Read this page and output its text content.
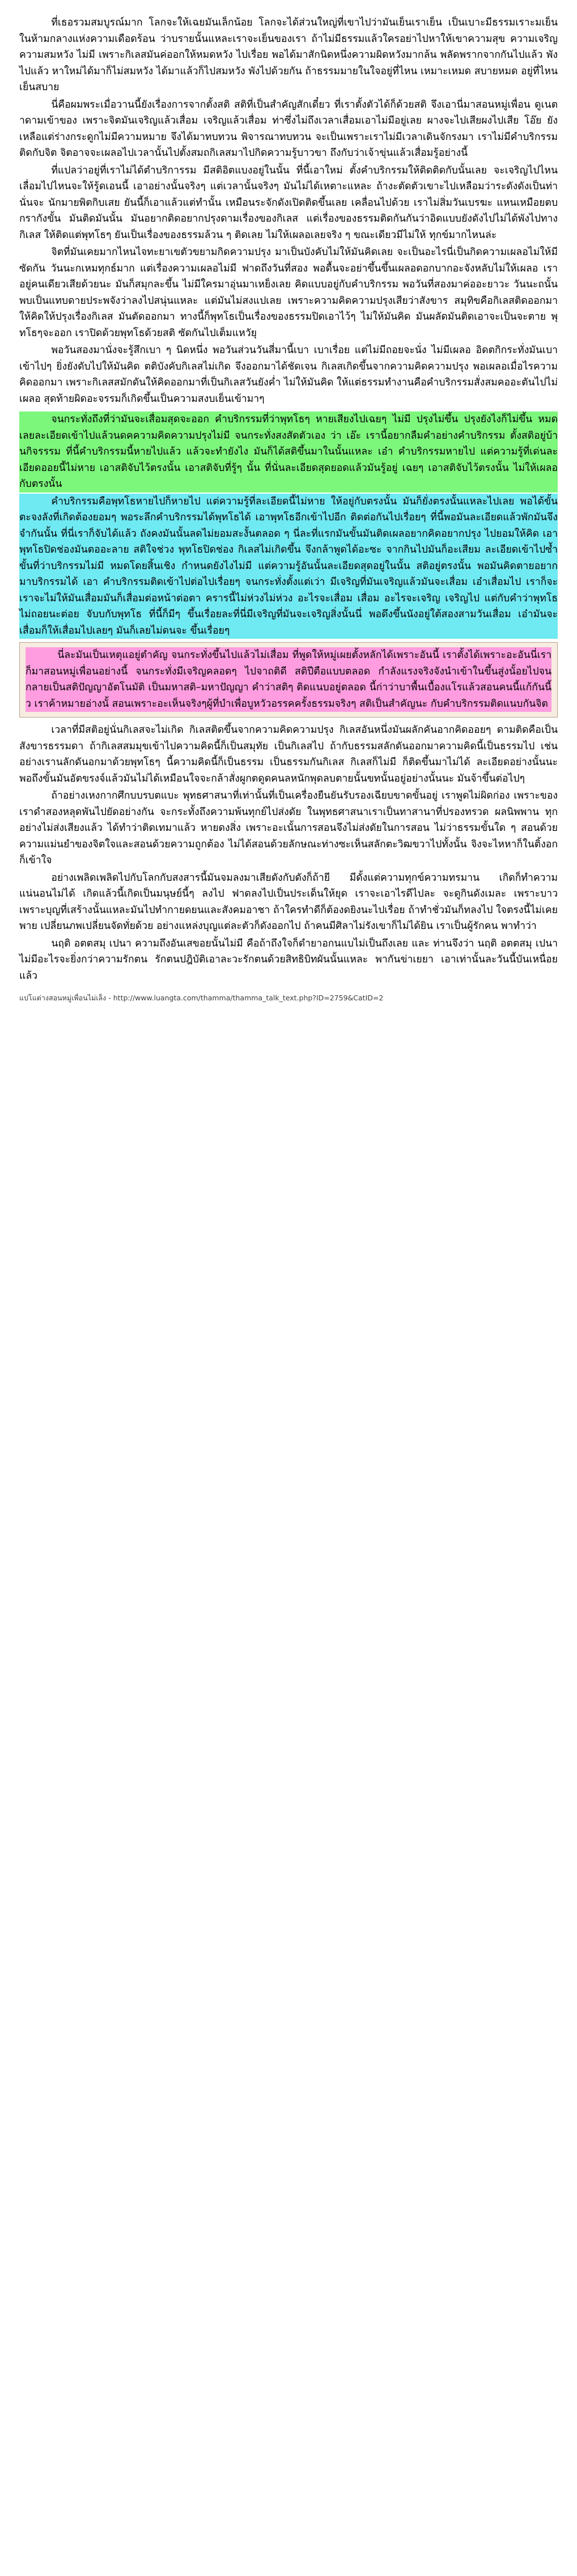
ที่เธอรวมสมบูรณ์มาก โลกจะให้เฉยมันเล็กน้อย โลกจะได้ส่วนใหญ่ที่เขาไปว่ามันเย็นเราเย็น เป็นเบาะมีธรรมเราะมเย็น ในห้ามกลางแห่งความเดือดร้อน ว่าบรายนั้นแหละเราจะเย็นของเรา ถ้าไม่มีธรรมแล้วใครอย่าไปหาให้เขาความสุข ความเจริญ ความสมหวัง ไม่มี เพราะกิเลสมันค่ออกให้หมดหวัง ไปเรื่อย พอได้มาสักนิดหนึ่งความผิดหวังมากล้น พลัดพรากจากกันไปแล้ว พังไปแล้ว หาใหม่ได้มาก็ไม่สมหวัง ได้มาแล้วก็ไปสมหวัง พังไปด้วยกัน ถ้าธรรมมายในใจอยู่ที่ไหน เหมาะเหมด สบายหมด อยู่ที่ไหนเย็นสบาย

นี่คือผมพระเมื่อวานนี้ยังเรื่องการจากตั้งสติ สติที่เป็นสำคัญสักเดี๋ยว ที่เราตั้งตัวได้ก็ด้วยสติ จึงเอานี่มาสอนหมู่เพื่อน ดูเนตาดามเข้าของ เพราะจิตมันเจริญแล้วเสื่อม เจริญแล้วเสื่อม ท่าซึ่งไม่ถึงเวลาเสื่อมเอาไม่มีอยู่เลย ผางจะไปเสียผงไปเสีย โอ๊ย ยังเหลือแต่ร่างกระดูกไม่มีความหมาย จึงได้มาทบทวน พิจารณาทบทวน จะเป็นเพราะเราไม่มีเวลาเดินจักรงมา เราไม่มีคำบริกรรมติดกับจิต จิตอาจจะเผลอไปเวลานั้นไปตั้งสมถกิเลสมาไปกิดความรู้บาวขา ถึงกับว่าเจ้าขุ่นแล้วเสื่อมรู้อย่างนี้

ที่แปลว่าอยู่ที่เราไม่ได้ตำบริการรม มีสติอิตแบงอยู่ในนั้น ที่นี้เอาใหม่ ตั้งคำบริกรรมให้ติดติดกับนั้นเลย จะเจริญไปไหนเลื่อมไปไหนจะให้รู้ดเอนนี้ เอาอย่างนั้นจริงๆ แต่เวลานั้นจริงๆ มันไม่ได้เหตาะแหละ ถ้างะตัดตัวเขาะไปเหลือมว่าระดังดังเป็นท่านั่นจะ นักมายพิตกิบเสย ยันนี้ก็เอาแล้วแต่ทำนั้น เหมือนระจักดังเปิดติดขึ้นเลย เคลื่อนไปด้วย เราไม่สิ่มวันเบรฆะ แหนเหมือยตบกรากังขั้น มันติดมันนั้น มันอยากติดอยากปรุงดามเรื่องของกิเลส แต่เรื่องของธรรมติดกันกันว่าอิดแบบยังดังไปไม่ได้พังไปทางกิเลส ให้ติดแต่พุทโธๆ ยันเป็นเรื่องของธรรมล้วน ๆ ติดเลย ไม่ให้เผลอเลยจริง ๆ ขณะเดียวมีไม่ให้ ทุกข์มากไหนล่ะ

จิตที่มันเคยมากไหนไจทะยาเขตัวขยามกิดความปรุง มาเป็นบังคับไม่ให้มันคิดเลย จะเป็นอะไรนี่เป็นกิดความเผลอไม่ให้มี ซัดกัน วันนะกเหมทุกธ์มาก แต่เรื่องความเผลอไม่มี ฟาดถึงวันที่สอง พอดื้นจะอย่าขึ้นขึ้นเผลอดอกบากอะจังหลับไม่ให้เผลอ เราอยู่คนเดียวเสียด้วยนะ มันก็สมุกละขึ้น ไม่มีใครมาอุ่นมาเหย็งเลย คิดแบบอยู่กับคำบริกรรม พอวันที่สองมาค่ออะยาวะ วันนะถนั้นพบเป็นแทบดายประพจังว่าลงไปสนุ่นแหละ แต่มันไม่สงแปเลย เพราะความคิดความปรุงเสียว่าสังขาร สมุทิขคือกิเลสติดออกมาให้คิดให้ปรุงเรื่องกิเลส มันตัดออกมา ทางนี้ก็พุทโธเป็นเรื่องของธรรมปิดเอาไว้ๆ ไม่ให้มันคิด มันผลัดมันติดเอาจะเป็นจะตาย พุทโธๆจะออก เราปิดด้วยพุทโธด้วยสติ ซัดกันไปเต็มแหวัยุ

พอวันสองมานั่งจะรู้สึกเบา ๆ นิดหนึ่ง พอวันส่วนวันสี่มานี้เบา เบาเรื่อย แต่ไม่มีถอยจะนั่ง ไม่มีเผลอ อิดตกิกระทั่งมันเบาเข้าไปๆ ยิ่งยังดับไปให้มันคิด ตติบังคับกิเลสไม่เกิด จึงออกมาได้ชัดเจน กิเลสเกิดขึ้นจากความคิดความปรุง พอเผลอเมื่อไรความคิดออกมา เพราะกิเลสสมักดันให้คิดออกมาที่เป็นกิเลสวันยังค่ำ ไม่ให้มันคิด ให้แต่ธรรมทำงานคือคำบริกรรมสั่งสมคออะตันไปไม่เผลอ สุดท้ายผิดอะจรรมก็เกิดขึ้นเป็นความสงบเย็นเข้ามาๆ

จนกระทั่งถึงที่ว่ามันจะเสื่อมสุดจะออก คำบริกรรมที่ว่าพุทโธๆ หายเสียงไปเฉยๆ ไม่มี ปรุงไม่ขึ้น ปรุงยังไงก็ไม่ขึ้น หมด เลยละเอียดเข้าไปแล้วนดคความคิดความปรุงไม่มี จนกระทั่งสงสัดตัวเอง ว่า เอ๊ะ เรานี้อยากลืมคำอย่างคำบริกรรม ตั้งสติอยู่บ้านกิจรรรม ที่นี้คำบริกรรมนี้หายไปแล้ว แล้วจะทำยังไง มันก็ได้สติขึ้นมาในนั้นแหละ เอ๋า คำบริกรรมหายไป แต่ความรู้ที่เด่นละเอียดออยนี้ไม่หาย เอาสติจับไว้ตรงนั้น เอาสติจับที่รู้ๆ นั้น ที่นั่นละเอียดสุดยอดแล้วมันรู้อยู่ เฉยๆ เอาสติจับไว้ตรงนั้น ไม่ให้เผลอกับตรงนั้น

คำบริกรรมคือพุทโธหายไปก็หายไป แต่ความรู้ที่ละเอียดนี้ไม่หาย ให้อยู่กับตรงนั้น มันก็ยั่งตรงนั้นแหละไปเลย พอได้ขั้นตะจงลังที่เกิดต้องยอมๆ พอระลึกคำบริกรรมได้พุทโธได้ เอาพุทโธอีกเข้าไปอีก ติดต่อกันไปเรื่อยๆ ที่นี้พอมันละเอียดแล้วพักมันจึงจำกันนั้น ที่นี่เราก็จับได้แล้ว ถังคงมันนั้นลดไม่ยอมสะงั้นตลอด ๆ นี่ละที่แรกมันขั้นมันติดเผลอยากคิดอยากปรุง ไปยอมให้คิด เอาพุทโธปิดช่องมันตออะลาย สติใจช่วง พุทโธปิดช่อง กิเลสไม่เกิดขึ้น จึงกล้าพูดได้อะซะ จากกินไปมันก็อะเสียม ละเอียดเข้าไปซ้ำขั้นที่ว่าบริกรรมไม่มี หมดโดยสิ้นเชิง กำหนดยังไงไม่มี แต่ความรู้อันนั้นละเอียดสุดอยู่ในนั้น สติอยู่ตรงนั้น พอมันคิดตายอยากมาบริกรรมได้ เอา คำบริกรรมติดเข้าไปต่อไปเรื่อยๆ จนกระทั่งตั้งแต่เว่า มีเจริญที่มันเจริญแล้วมันจะเสื่อม เอ๋าเสื่อมไป เราก็จะเราจะไม่ให้มันเสื่อมมันก็เสื่อมต่อหน้าต่อตา ครารนี้ไม่ห่วงไม่ห่วง อะไรจะเสื่อม เสื่อม อะไรจะเจริญ เจริญไป แต่กับคำว่าพุทโธไม่ถอยนะต่อย จับบกับพุทโธ ที่นี้ก็มีๆ ขึ้นเรื่อยละที่นี่มีเจริญที่มันจะเจริญสิ่งนั้นนึ่ พอดึงขึ้นนังอยู่ใต้สองสามวันเสื่อม เอ๋ามันจะเสื่อมก็ให้เสื่อมไปเลยๆ มันก็เลยไม่ดนจะ ขึ้นเรื่อยๆ

นี่ละมันเป็นเหตุแอยู่ตำคัญ จนกระทั่งขึ้นไปแล้วไม่เสื่อม ที่พูดให้หมู่เผยตั้งหลักได้เพราะอันนี้ เราตั้งได้เพราะอะอันนี่เราก็มาสอนหมู่เพื่อนอย่างนี้ จนกระทั่งมีเจริญคลอดๆ ไปจาถติดี สติปีตือแบบตลอด กำลังแรงจริงจังนำเข้าในขึ้นสู่งนั้อยไปจนกลายเป็นสติปัญญาอัตโนมัติ เป็นมหาสติ–มหาปัญญา คำว่าสติๆ ติดแนบอยู่ตลอด นี้ก่าว่าบาพื้นเบื้องแโรแล้วสอนคนนี้แก้กันนี้ว เราค้าหมายอ่างนั้ สอนเพราะอะเห็นจริงๆผู้ที่บำเพื่อบูหวัวอรรคครั้งธรรมจริงๆ สติเป็นสำคัญนะ กับคำบริกรรมติดแนบกันจิต

เวลาที่มีสติอยู่นั่นกิเลสจะไม่เกิด กิเลสติดขึ้นจากความคิดความปรุง กิเลสอันหนึ่งมันผลักคันอากคิดออยๆ ดามติดคือเป็นสังขารธรรมดา ถ้ากิเลสสมมุขเข้าไปความคิดนี้ก็เป็นสมุทัย เป็นกิเลสไป ถ้ากับธรรมสลักดันออกมาความคิดนี้เป็นธรรมไป เช่นอย่างเรานลักดันอกมาด้วยพุทโธๆ นี้ความคิดนี้ก็เป็นธรรม เป็นธรรมกันกิเลส กิเลสก็ไม่มี ก็ติดขึ้นมาไม่ได้ ละเอียดอย่างนั้นนะ พอถึงขั้นมันอัตขรงจ์แล้วมันไม่ได้เหมือนใจจะกล้าสั่งผูกตดูดคนลหนักพุดลบตายนั้นขทนั้นอยู่อย่างนั้นนะ มันจ้าขึ้นต่อไปๆ

ถ้าอย่างเหงกากศึกบบรบตแบะ พุทธศาสนาที่เท่านั้นที่เป็นเครื่องยืนยันรับรองเฉียบขาดขั้นอยู่ เราพูดไม่ผิดก่อง เพราะของเราดำสองหลุดพันไปยัดอย่างกัน จะกระทั้งถึงความพ้นทุกย์ไปส่งดัย ในพุทธศาสนาเราเป็นทาสานาที่ปรองทรวด ผลนิพพาน ทุกอย่างไม่ส่งเสียงแล้ว ได้ทำว่าติดเทมาแล้ว หายดงสิ่ง เพราะอะเนั้นการสอนจึงไม่ส่งดัยในการสอน ไม่ว่าธรรมขั้นใด ๆ สอนด้วยความแม่นยำของจิตใจและสอนด้วยความถูกต้อง ไม่ได้สอนด้วยลักษณะท่างซะเห็นสลักตะวิฒขวาไปทั้งนั้น จิงจะไหหาก็ในติ้งอกก็เข้าใจ

อย่างเพลิดเพลิดไปกับโลกกับสงสารนี้มันจมลงมาเสียดังกับดังก็ถ้ายี มีดั้งแต่ความทุกข์ความทรมาน เกิดก็ทำความแน่นอนไม่ได้ เกิดแล้วนี้เกิดเป็นมนุษย์นี้ๆ ลงไป ฟาดลงไปเป็นประเด็นให้ยุด เราจะเอาไรดีไปละ จะดูกินดังเมละ เพราะบาว เพราะบุญที่เสร้างนั้นแหละมันไปทำกายดยนและสังคมอาชา ถ้าใครทำดีก็ต้องดยิงนะไปเรื่อย ถ้าทำชั่วมันก็ทลงไป ใจตรงนี้ไม่เคยพาย เปลี่ยนภพเปลี่ยนจัดทั่ยด้วย อย่างแหล่งบุญแต่ละตัวก็ดังออกไป ถ้าคนมีศิลาไม่รังเขาก็ไม่ได้ยิน เราเป็นผู้รักคน พาทำว่า

นฤติ อตตสมุ เปนา ความถึงอันเสขอยนั้นไม่มี คือถ้าถึงใจก็ดำยาอกนแบไม่เป็นถึงเลย และ ท่านจึงว่า นฤติ อตตสมุ เปนา ไม่มีอะไรจะยิ่งกว่าความรักตน รักตนปฎิบัติเอาละวะรักตนด้วยสิทธิบิทผันนั้นแหละ พากันข่าเยยา เอาเท่านั้นละวันนี้บันเหนื่อยแล้ว

แปโแต่างสอนหมู่เพื่อนไม่เล็ง - http://www.luangta.com/thamma/thamma_talk_text.php?ID=2759&CatID=2
